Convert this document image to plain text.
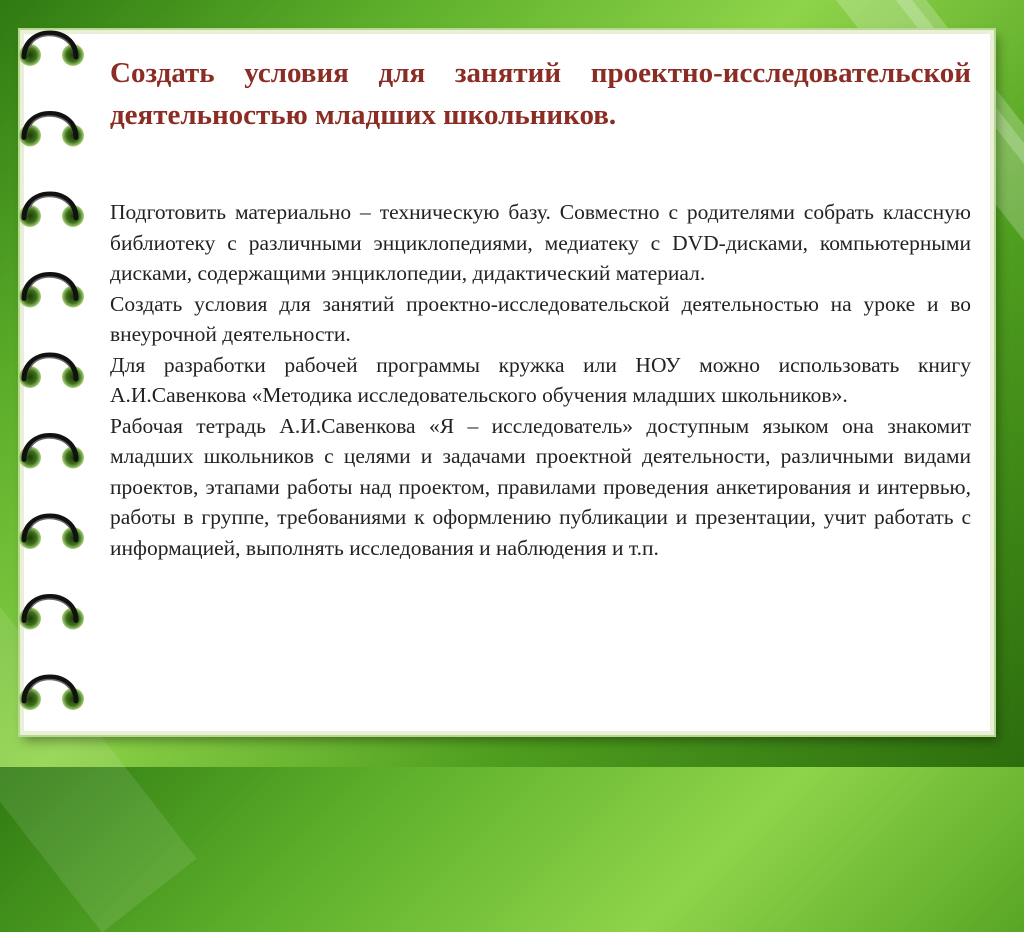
Создать условия для занятий проектно-исследовательской деятельностью младших школьников.

Подготовить материально – техническую базу. Совместно с родителями собрать классную библиотеку с различными энциклопедиями, медиатеку с DVD-дисками, компьютерными дисками, содержащими энциклопедии, дидактический материал.

Создать условия для занятий проектно-исследовательской деятельностью на уроке и во внеурочной деятельности.

Для разработки рабочей программы кружка или НОУ можно использовать книгу А.И.Савенкова «Методика исследовательского обучения младших школьников».

Рабочая тетрадь А.И.Савенкова «Я – исследователь» доступным языком она знакомит младших школьников с целями и задачами проектной деятельности, различными видами проектов, этапами работы над проектом, правилами проведения анкетирования и интервью, работы в группе, требованиями к оформлению публикации и презентации, учит работать с информацией, выполнять исследования и наблюдения и т.п.
